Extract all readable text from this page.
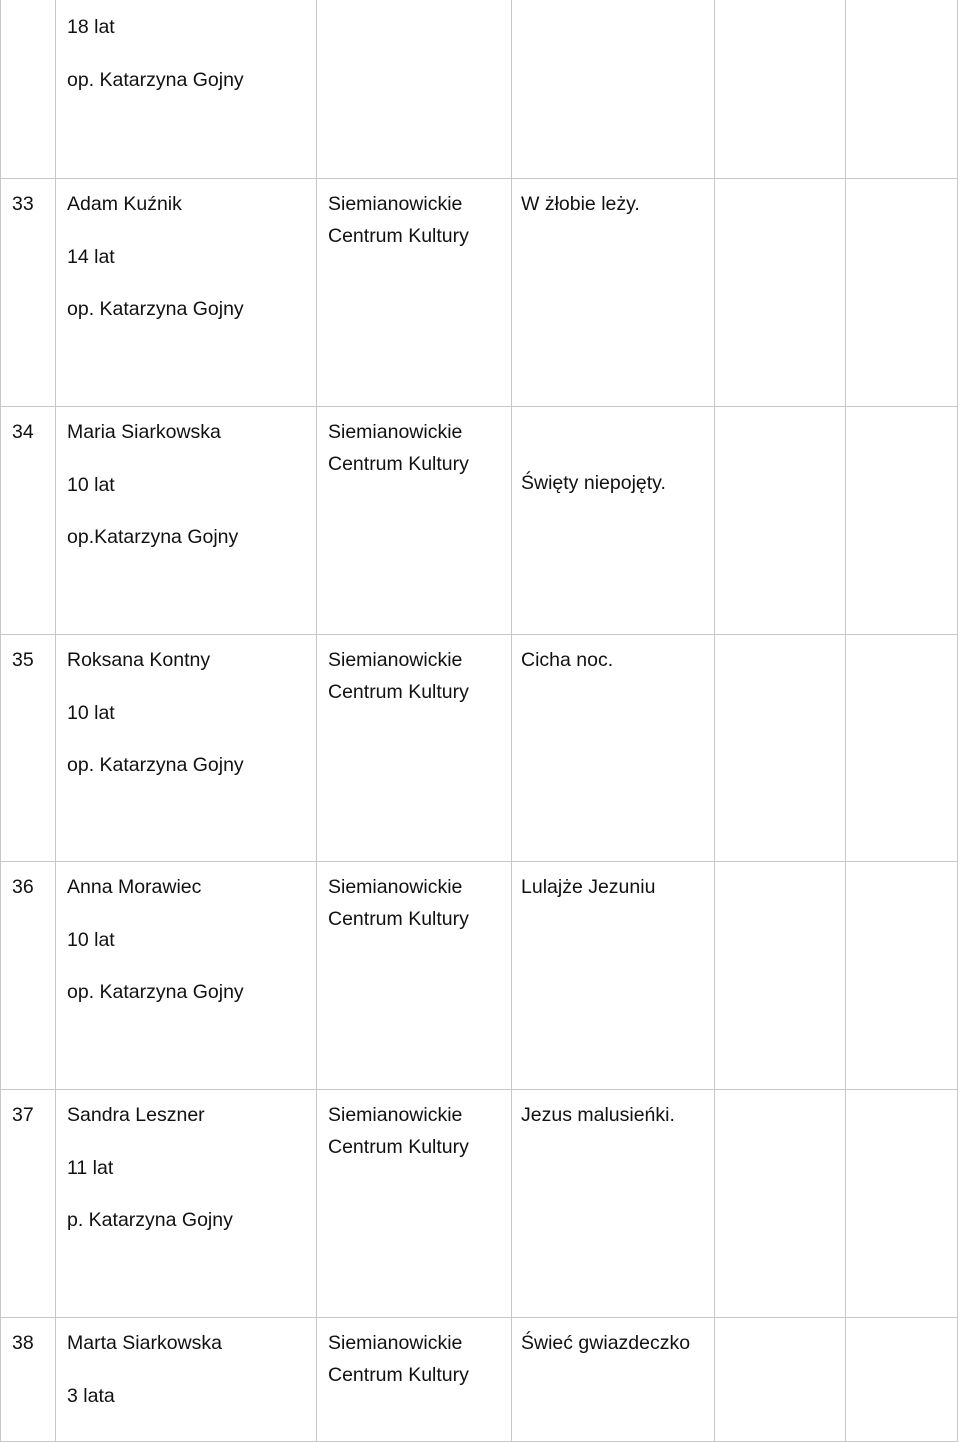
18 lat
op. Katarzyna Gojny
33 Adam Kuźnik
14 lat
op. Katarzyna Gojny
Siemianowickie
Centrum Kultury
W żłobie leży.
34 Maria Siarkowska
10 lat
op.Katarzyna Gojny
Siemianowickie
Centrum Kultury
Święty niepojęty.
35 Roksana Kontny
10 lat
op. Katarzyna Gojny
Siemianowickie
Centrum Kultury
Cicha noc.
36 Anna Morawiec
10 lat
op. Katarzyna Gojny
Siemianowickie
Centrum Kultury
Lulajże Jezuniu
37 Sandra Leszner
11 lat
p. Katarzyna Gojny
Siemianowickie
Centrum Kultury
Jezus malusieńki.
38 Marta Siarkowska
3 lata
Siemianowickie
Centrum Kultury
Świeć gwiazdeczko
